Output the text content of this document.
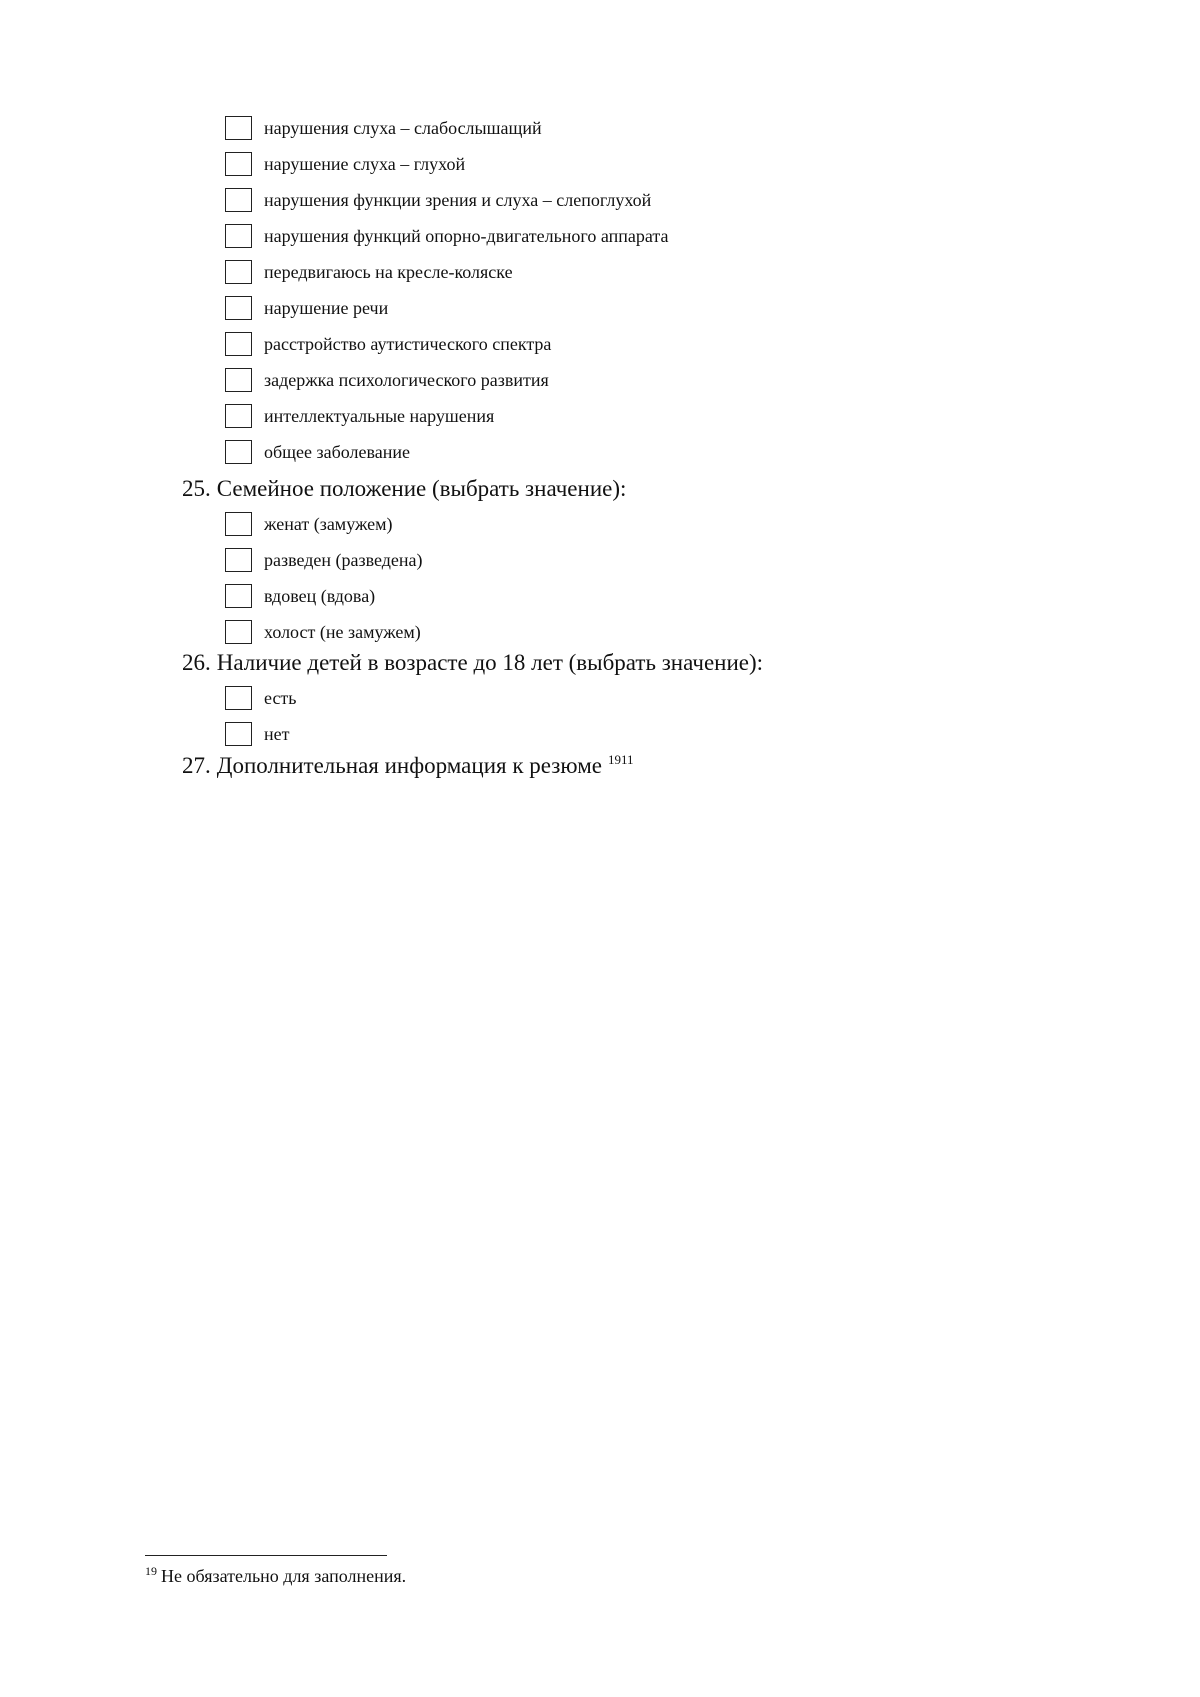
нарушения слуха – слабослышащий
нарушение слуха – глухой
нарушения функции зрения и слуха – слепоглухой
нарушения функций опорно-двигательного аппарата
передвигаюсь на кресле-коляске
нарушение речи
расстройство аутистического спектра
задержка психологического развития
интеллектуальные нарушения
общее заболевание
25. Семейное положение (выбрать значение):
женат (замужем)
разведен (разведена)
вдовец (вдова)
холост (не замужем)
26. Наличие детей в возрасте до 18 лет (выбрать значение):
есть
нет
27. Дополнительная информация к резюме $^{1911}$
$^{19}$ Не обязательно для заполнения.
